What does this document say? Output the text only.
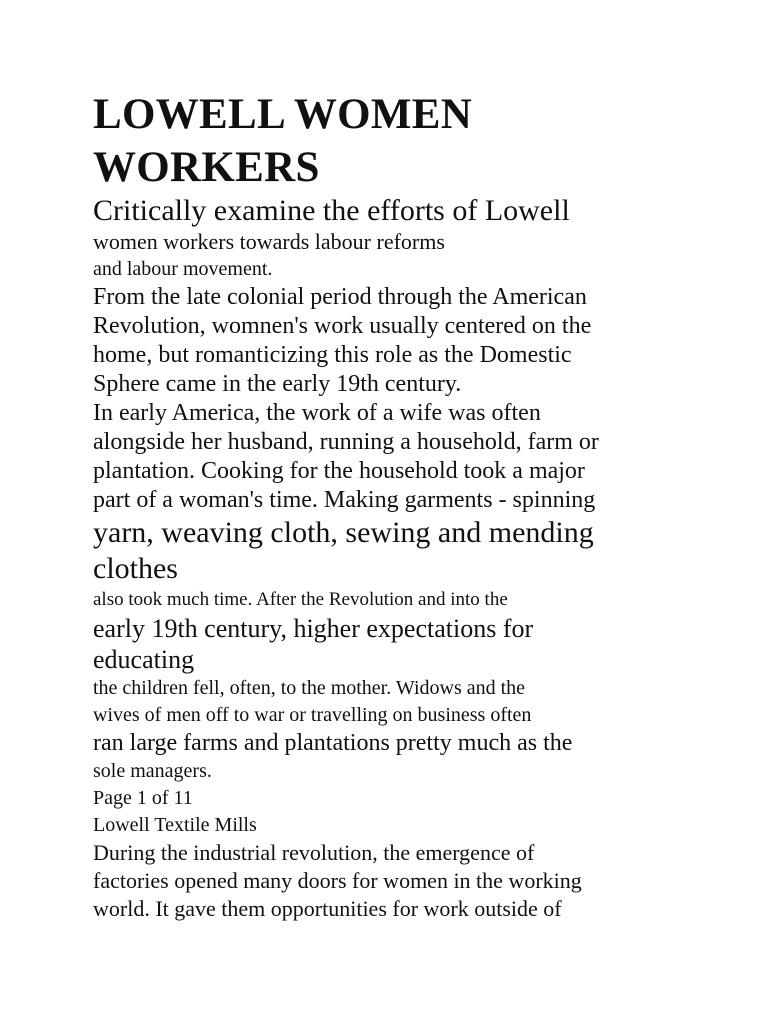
LOWELL WOMEN
WORKERS

Critically examine the efforts of Lowell

women workers towards labour reforms

and labour movement.

From the late colonial period through the American

Revolution, womnen's work usually centered on the

home, but romanticizing this role as the Domestic

Sphere came in the early 19th century.

In early America, the work of a wife was often

alongside her husband, running a household, farm or

plantation. Cooking for the household took a major

part of a woman's time. Making garments - spinning

yarn, weaving cloth, sewing and mending

clothes

also took much time. After the Revolution and into the

early 19th century, higher expectations for

educating

the children fell, often, to the mother. Widows and the

wives of men off to war or travelling on business often

ran large farms and plantations pretty much as the

sole managers.

Page 1 of 11

Lowell Textile Mills

During the industrial revolution, the emergence of

factories opened many doors for women in the working

world. It gave them opportunities for work outside of
